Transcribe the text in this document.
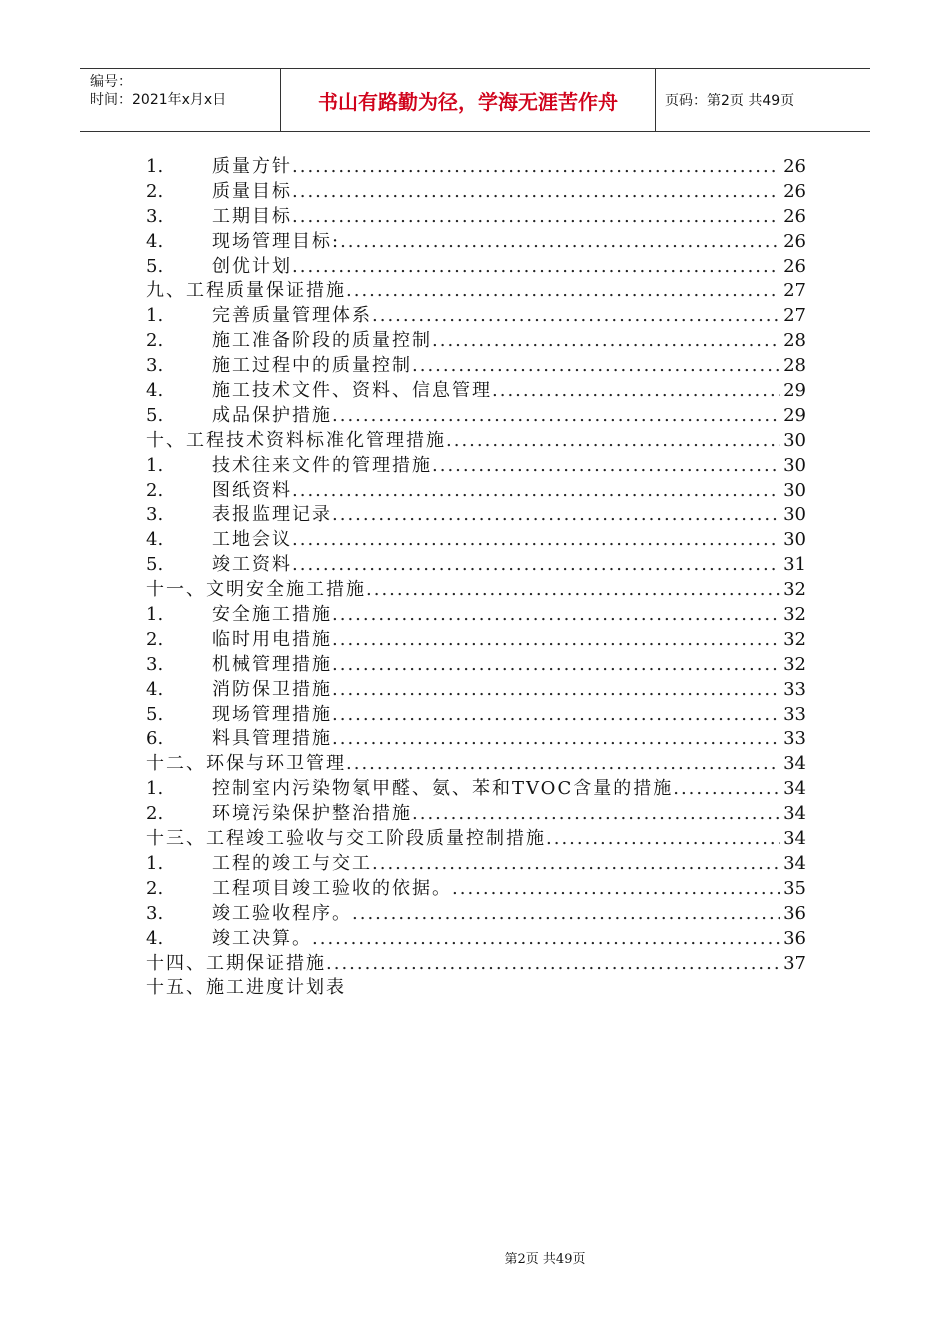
编号：
时间：2021年x月x日	书山有路勤为径，学海无涯苦作舟	页码：第2页 共49页
1.	质量方针 .....	26
2.	质量目标 .....	26
3.	工期目标 .....	26
4.	现场管理目标: .....	26
5.	创优计划 .....	26
九、工程质量保证措施 .....	27
1.	完善质量管理体系 .....	27
2.	施工准备阶段的质量控制 .....	28
3.	施工过程中的质量控制 .....	28
4.	施工技术文件、资料、信息管理 .....	29
5.	成品保护措施 .....	29
十、工程技术资料标准化管理措施 .....	30
1.	技术往来文件的管理措施 .....	30
2.	图纸资料 .....	30
3.	表报监理记录 .....	30
4.	工地会议 .....	30
5.	竣工资料 .....	31
十一、文明安全施工措施 .....	32
1.	安全施工措施 .....	32
2.	临时用电措施 .....	32
3.	机械管理措施 .....	32
4.	消防保卫措施 .....	33
5.	现场管理措施 .....	33
6.	料具管理措施 .....	33
十二、环保与环卫管理 .....	34
1.	控制室内污染物氡甲醛、氨、苯和TVOC含量的措施 .....	34
2.	环境污染保护整治措施 .....	34
十三、工程竣工验收与交工阶段质量控制措施 .....	34
1.	工程的竣工与交工 .....	34
2.	工程项目竣工验收的依据。 .....	35
3.	竣工验收程序。 .....	36
4.	竣工决算。 .....	36
十四、工期保证措施 .....	37
十五、施工进度计划表
第2页 共49页
